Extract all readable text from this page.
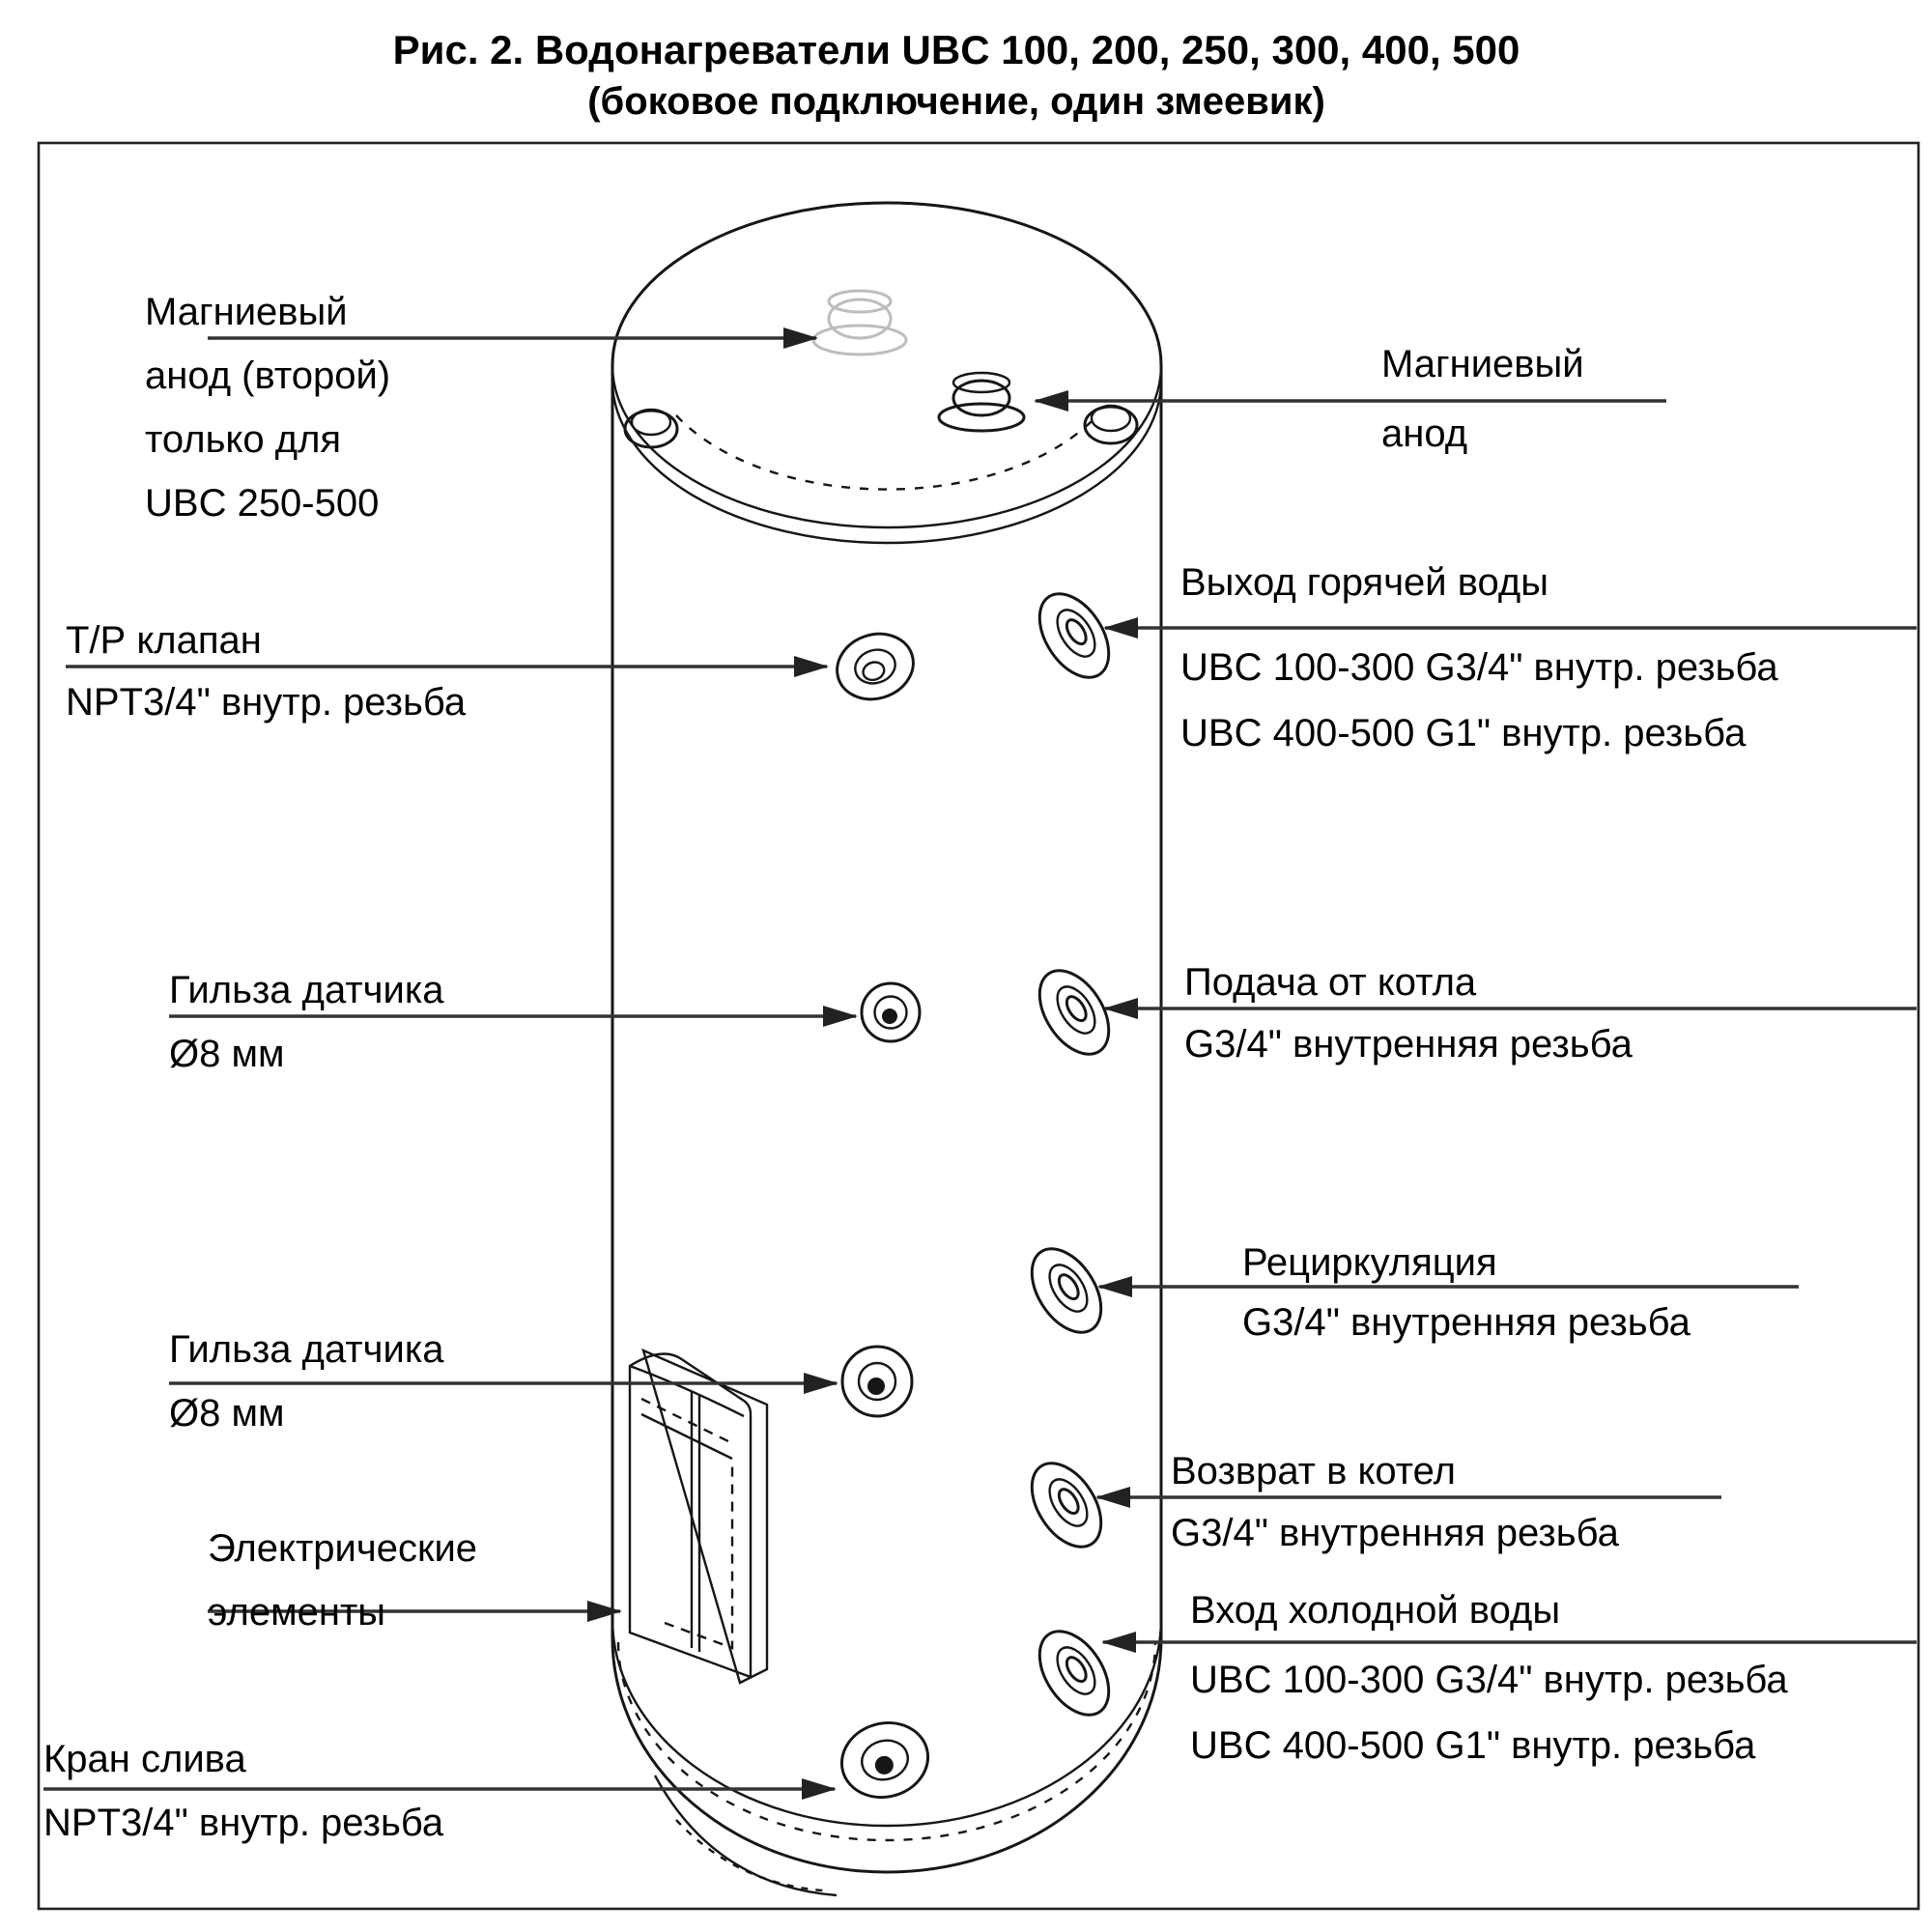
Рис. 2. Водонагреватели UBC 100, 200, 250, 300, 400, 500
(боковое подключение, один змеевик)
Магниевый
анод (второй)
только для
UBC 250-500
Т/Р клапан
NPT3/4" внутр. резьба
Гильза датчика
Ø8 мм
Гильза датчика
Ø8 мм
Электрические
элементы
Кран слива
NPT3/4" внутр. резьба
Магниевый
анод
Выход горячей воды
UBC 100-300 G3/4" внутр. резьба
UBC 400-500 G1" внутр. резьба
Подача от котла
G3/4" внутренняя резьба
Рециркуляция
G3/4" внутренняя резьба
Возврат в котел
G3/4" внутренняя резьба
Вход холодной воды
UBC 100-300 G3/4" внутр. резьба
UBC 400-500 G1" внутр. резьба
